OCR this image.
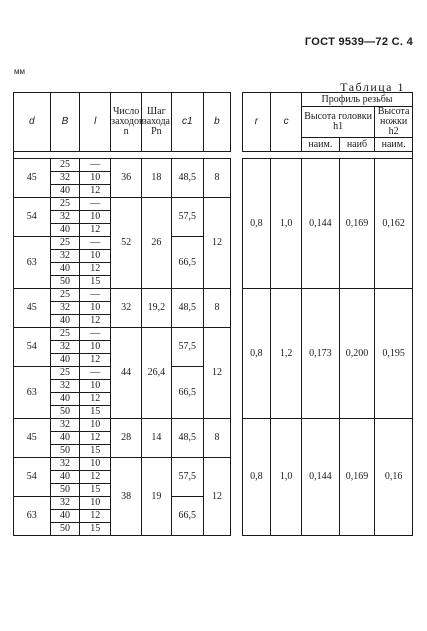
ГОСТ 9539—72 С. 4
мм
Таблица 1
d	B	l	Число заходов n	Шаг захода Pn	c1	b		r	c	Профиль резьбы		
										Высота головки h1		Высота ножки h2
										наим.	наиб	наим.

45	25	—	36	18	48,5	8		0,8	1,0	0,144	0,169	0,162
	32	10										
	40	12										
54	25	—	52	26	57,5	12						
	32	10										
	40	12										
63	25	—			66,5							
	32	10										
	40	12										
	50	15										
45	25	—	32	19,2	48,5	8		0,8	1,2	0,173	0,200	0,195
	32	10										
	40	12										
54	25	—	44	26,4	57,5	12						
	32	10										
	40	12										
63	25	—			66,5							
	32	10										
	40	12										
	50	15										
45	32	10	28	14	48,5	8		0,8	1,0	0,144	0,169	0,16
	40	12										
	50	15										
54	32	10	38	19	57,5	12						
	40	12										
	50	15										
63	32	10			66,5							
	40	12										
	50	15										
